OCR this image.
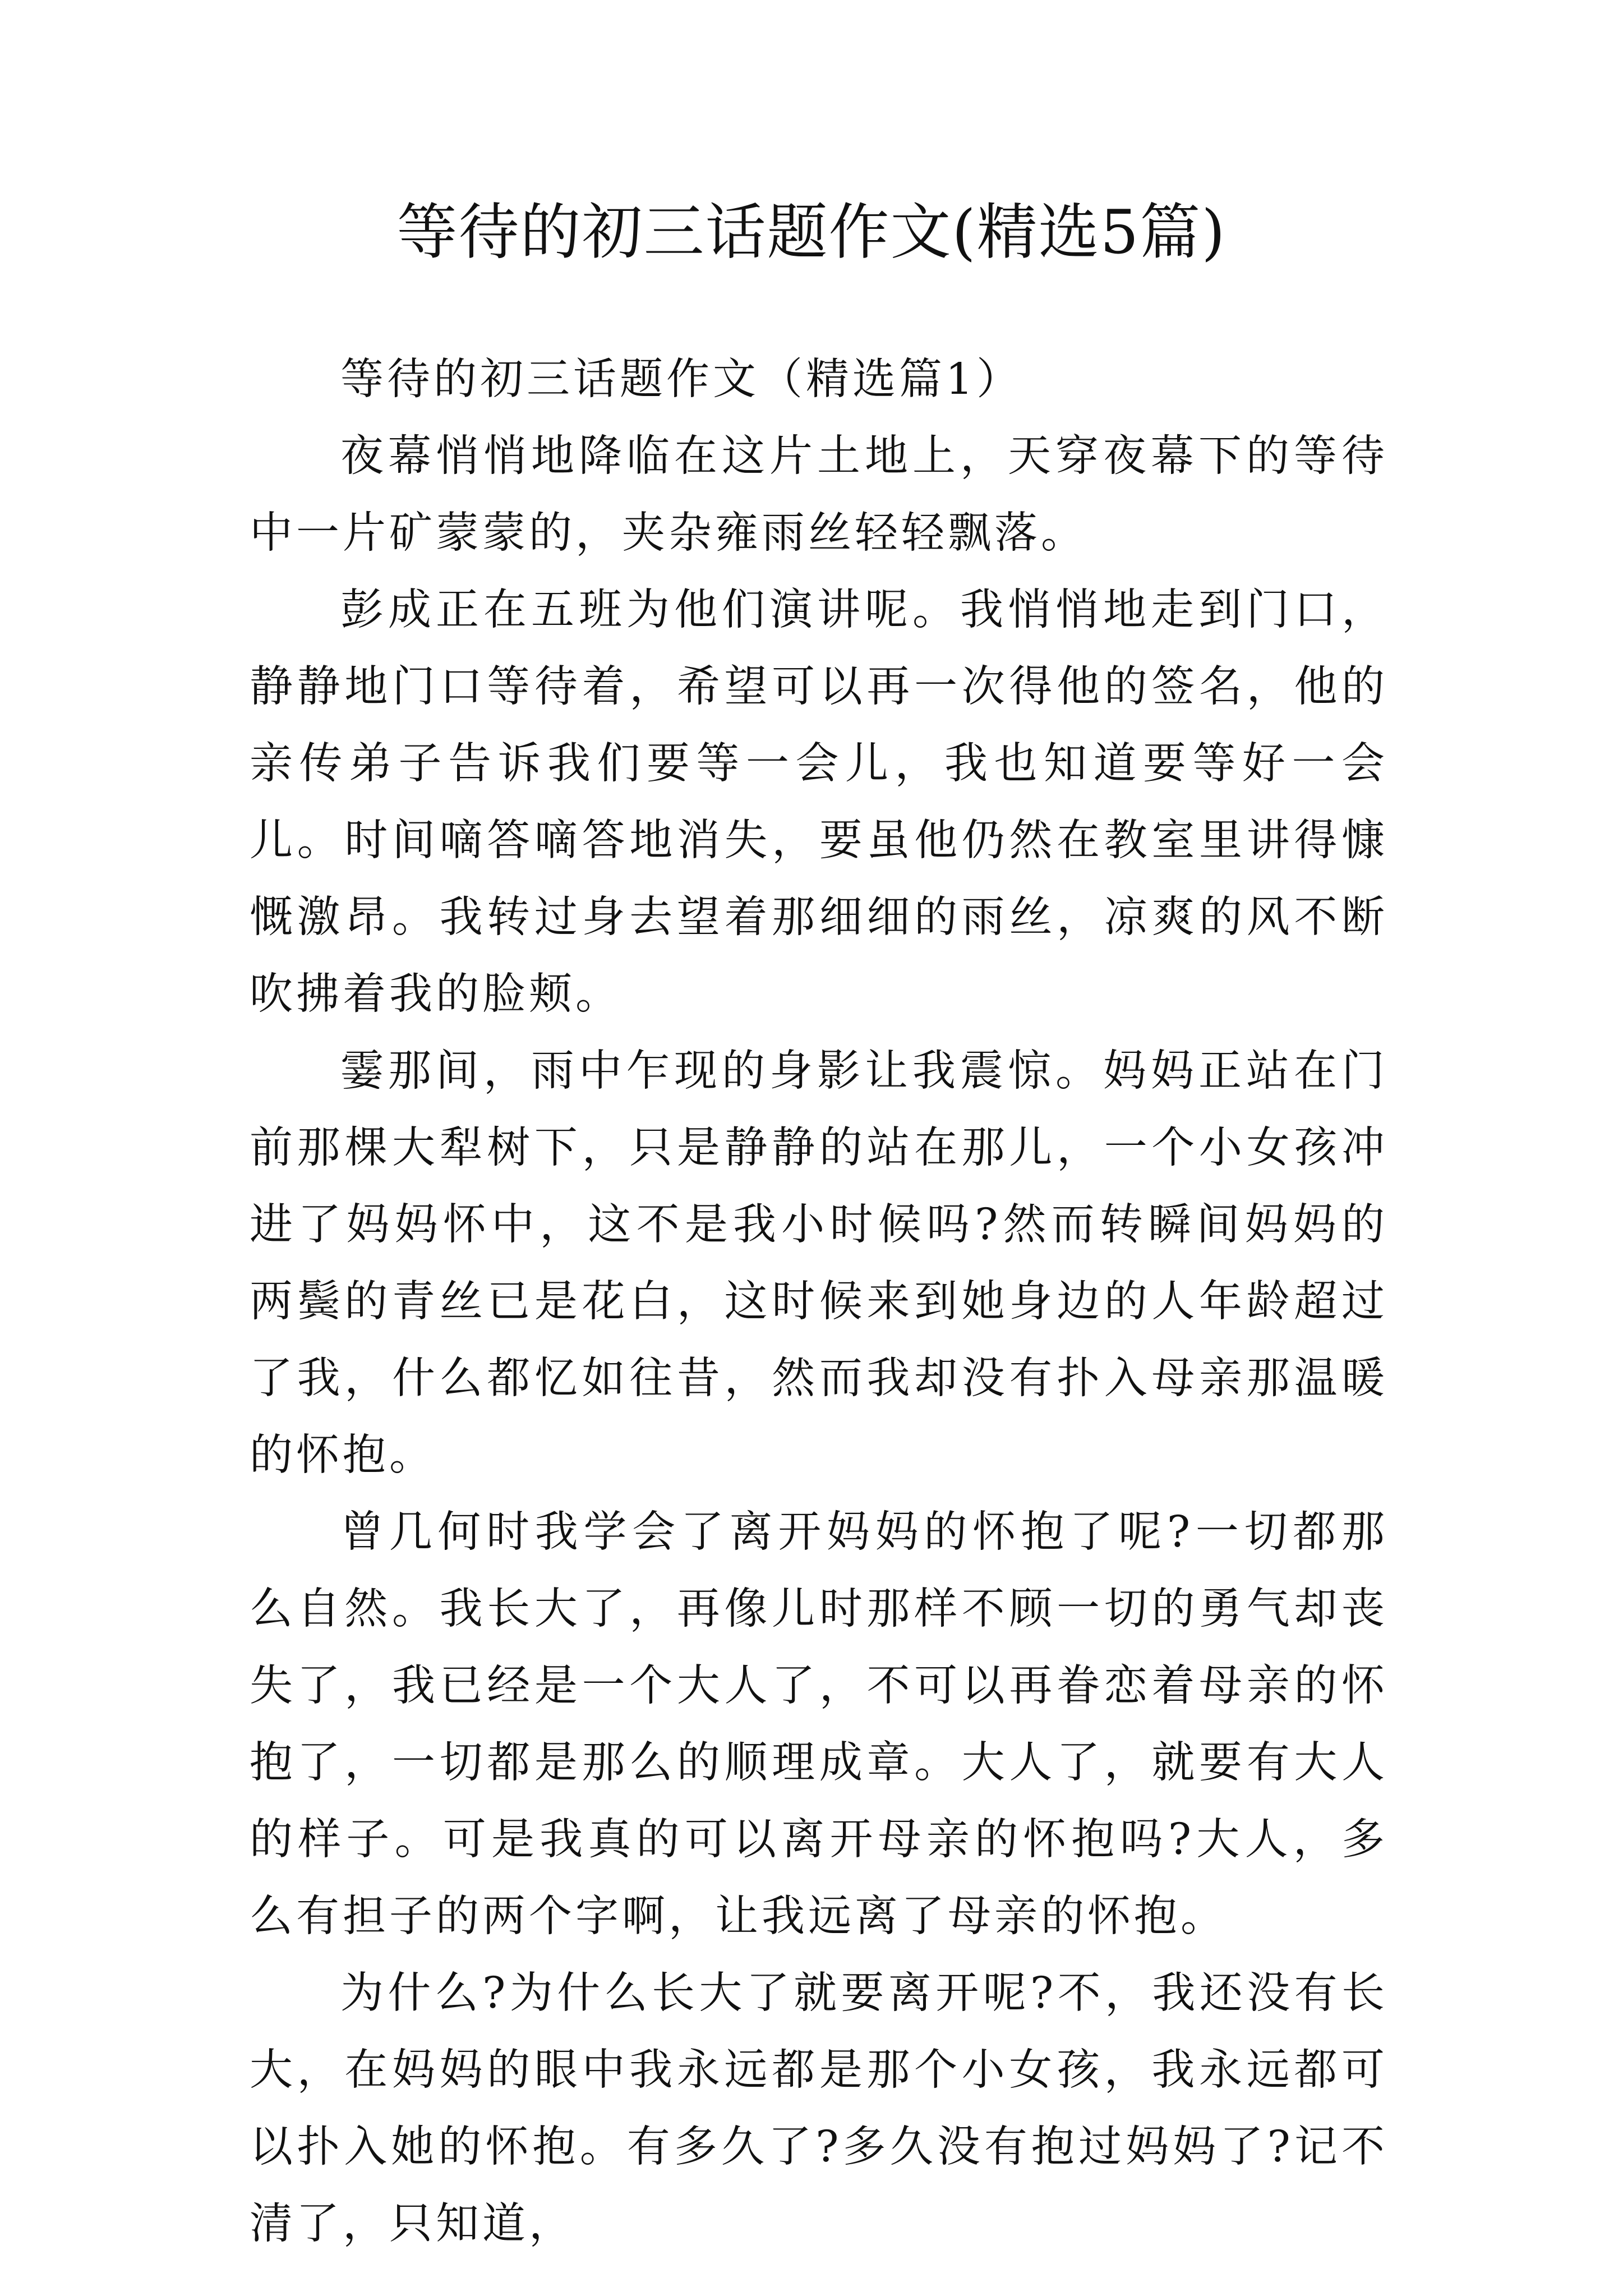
等待的初三话题作文(精选5篇)

等待的初三话题作文（精选篇1）

夜幕悄悄地降临在这片土地上，天穿夜幕下的等待中一片矿蒙蒙的，夹杂雍雨丝轻轻飘落。

彭成正在五班为他们演讲呢。我悄悄地走到门口，静静地门口等待着，希望可以再一次得他的签名，他的亲传弟子告诉我们要等一会儿，我也知道要等好一会儿。时间嘀答嘀答地消失，要虽他仍然在教室里讲得慷慨激昂。我转过身去望着那细细的雨丝，凉爽的风不断吹拂着我的脸颊。

霎那间，雨中乍现的身影让我震惊。妈妈正站在门前那棵大犁树下，只是静静的站在那儿，一个小女孩冲进了妈妈怀中，这不是我小时候吗?然而转瞬间妈妈的两鬓的青丝已是花白，这时候来到她身边的人年龄超过了我，什么都忆如往昔，然而我却没有扑入母亲那温暖的怀抱。

曾几何时我学会了离开妈妈的怀抱了呢?一切都那么自然。我长大了，再像儿时那样不顾一切的勇气却丧失了，我已经是一个大人了，不可以再眷恋着母亲的怀抱了，一切都是那么的顺理成章。大人了，就要有大人的样子。可是我真的可以离开母亲的怀抱吗?大人，多么有担子的两个字啊，让我远离了母亲的怀抱。

为什么?为什么长大了就要离开呢?不，我还没有长大，在妈妈的眼中我永远都是那个小女孩，我永远都可以扑入她的怀抱。有多久了?多久没有抱过妈妈了?记不清了，只知道，
